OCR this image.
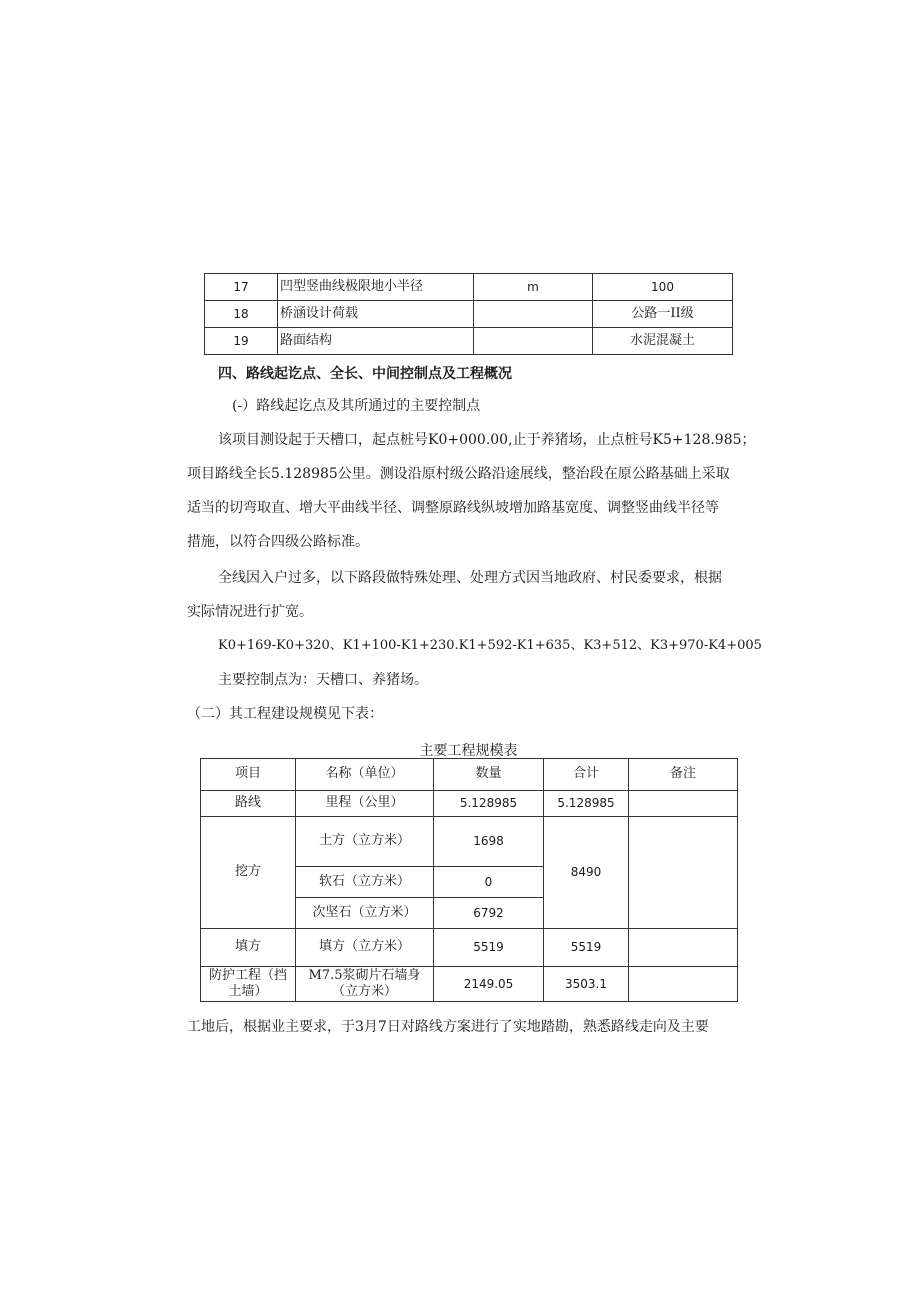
17	凹型竖曲线极限地小半径	m	100
18	桥涵设计荷载		公路一II级
19	路面结构		水泥混凝土
四、路线起讫点、全长、中间控制点及工程概况
(-）路线起讫点及其所通过的主要控制点
该项目测设起于天槽口，起点桩号K0+000.00,止于养猪场，止点桩号K5+128.985；
项目路线全长5.128985公里。测设沿原村级公路沿途展线，整治段在原公路基础上采取
适当的切弯取直、增大平曲线半径、调整原路线纵坡增加路基宽度、调整竖曲线半径等
措施，以符合四级公路标准。
全线因入户过多，以下路段做特殊处理、处理方式因当地政府、村民委要求，根据
实际情况进行扩宽。
K0+169-K0+320、K1+100-K1+230.K1+592-K1+635、K3+512、K3+970-K4+005
主要控制点为：天槽口、养猪场。
（二）其工程建设规模见下表：
主要工程规模表
项目	名称（单位）	数量	合计	备注
路线	里程（公里）	5.128985	5.128985	
挖方	土方（立方米）	1698	8490	
	软石（立方米）	0		
	次坚石（立方米）	6792		
填方	填方（立方米）	5519	5519	
防护工程（挡土墙）	M7.5浆砌片石墙身（立方米）	2149.05	3503.1	
工地后，根据业主要求，于3月7日对路线方案进行了实地踏勘，熟悉路线走向及主要
